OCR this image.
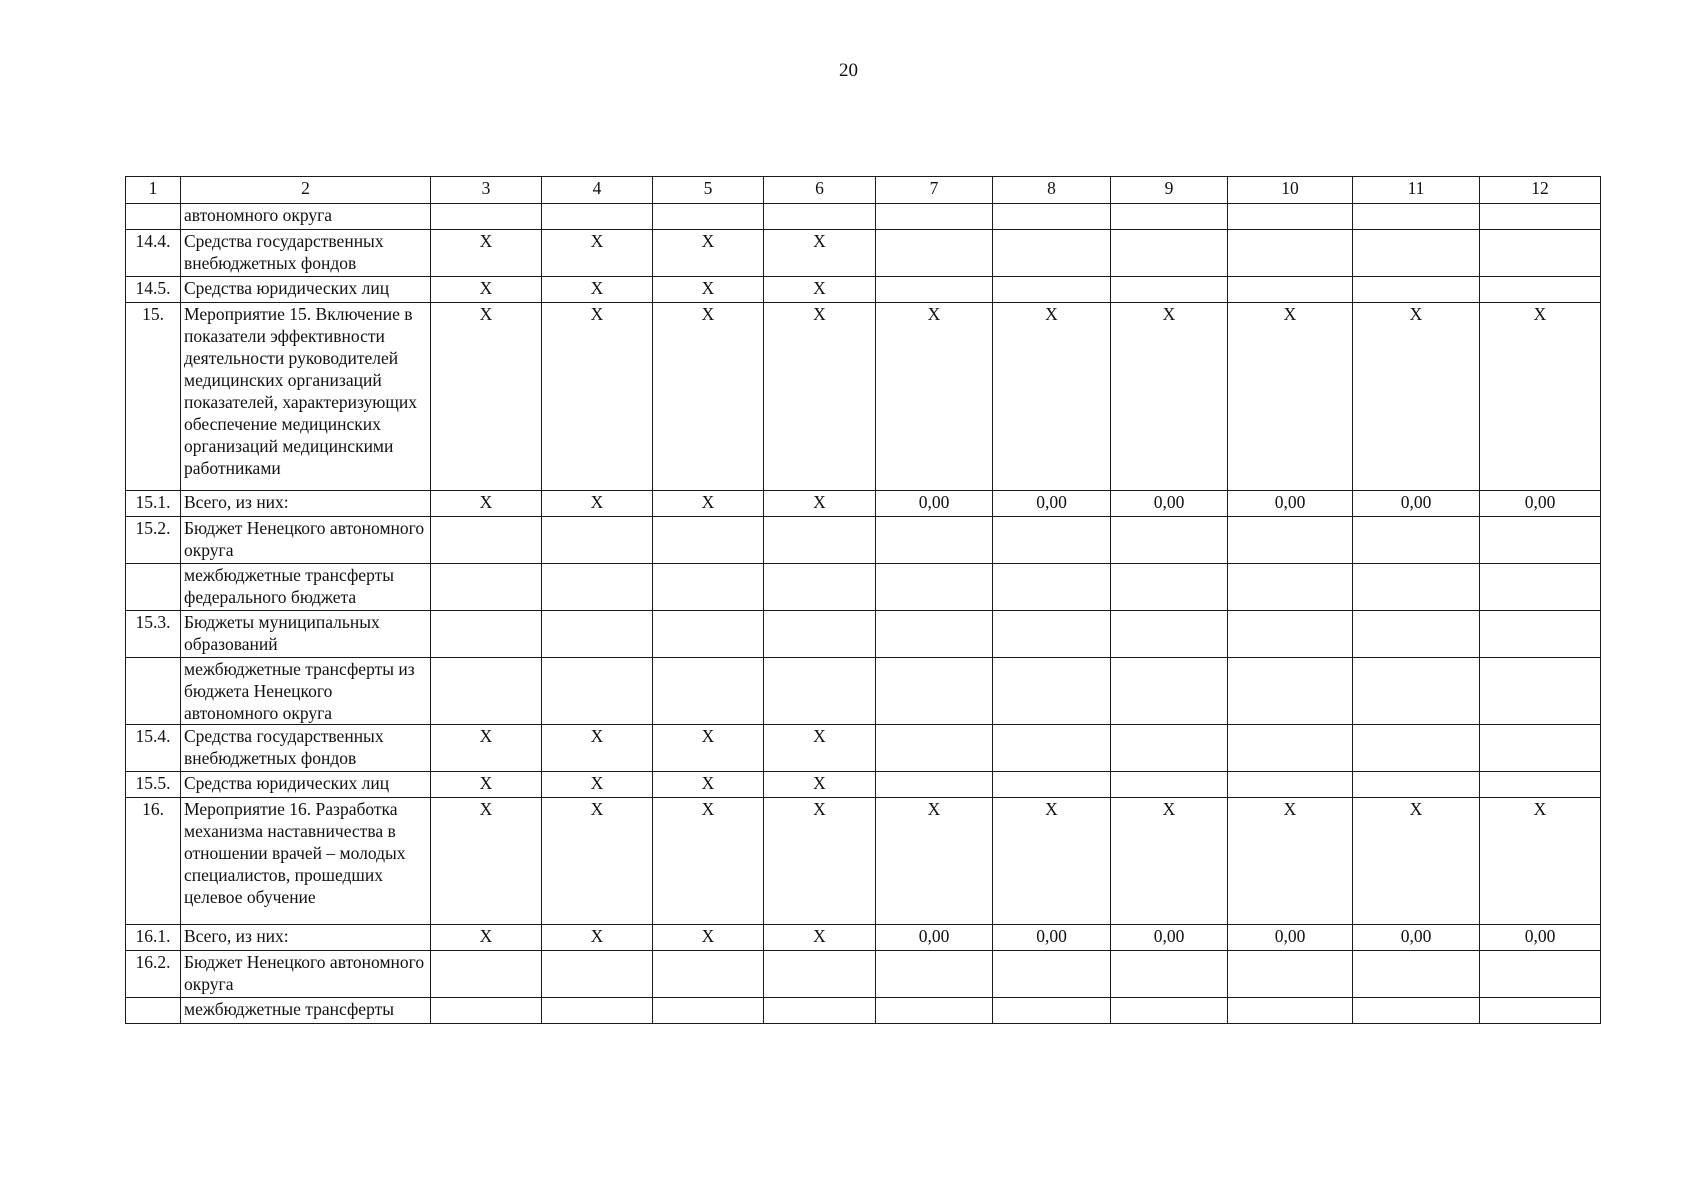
20
1	2	3	4	5	6	7	8	9	10	11	12
	автономного округа										
14.4.	Средства государственных внебюджетных фондов	X	X	X	X						
14.5.	Средства юридических лиц	X	X	X	X						
15.	Мероприятие 15. Включение в показатели эффективности деятельности руководителей медицинских организаций показателей, характеризующих обеспечение медицинских организаций медицинскими работниками	X	X	X	X	X	X	X	X	X	X
15.1.	Всего, из них:	X	X	X	X	0,00	0,00	0,00	0,00	0,00	0,00
15.2.	Бюджет Ненецкого автономного округа										
	межбюджетные трансферты федерального бюджета										
15.3.	Бюджеты муниципальных образований										
	межбюджетные трансферты из бюджета Ненецкого автономного округа										
15.4.	Средства государственных внебюджетных фондов	X	X	X	X						
15.5.	Средства юридических лиц	X	X	X	X						
16.	Мероприятие 16. Разработка механизма наставничества в отношении врачей – молодых специалистов, прошедших целевое обучение	X	X	X	X	X	X	X	X	X	X
16.1.	Всего, из них:	X	X	X	X	0,00	0,00	0,00	0,00	0,00	0,00
16.2.	Бюджет Ненецкого автономного округа										
	межбюджетные трансферты										
